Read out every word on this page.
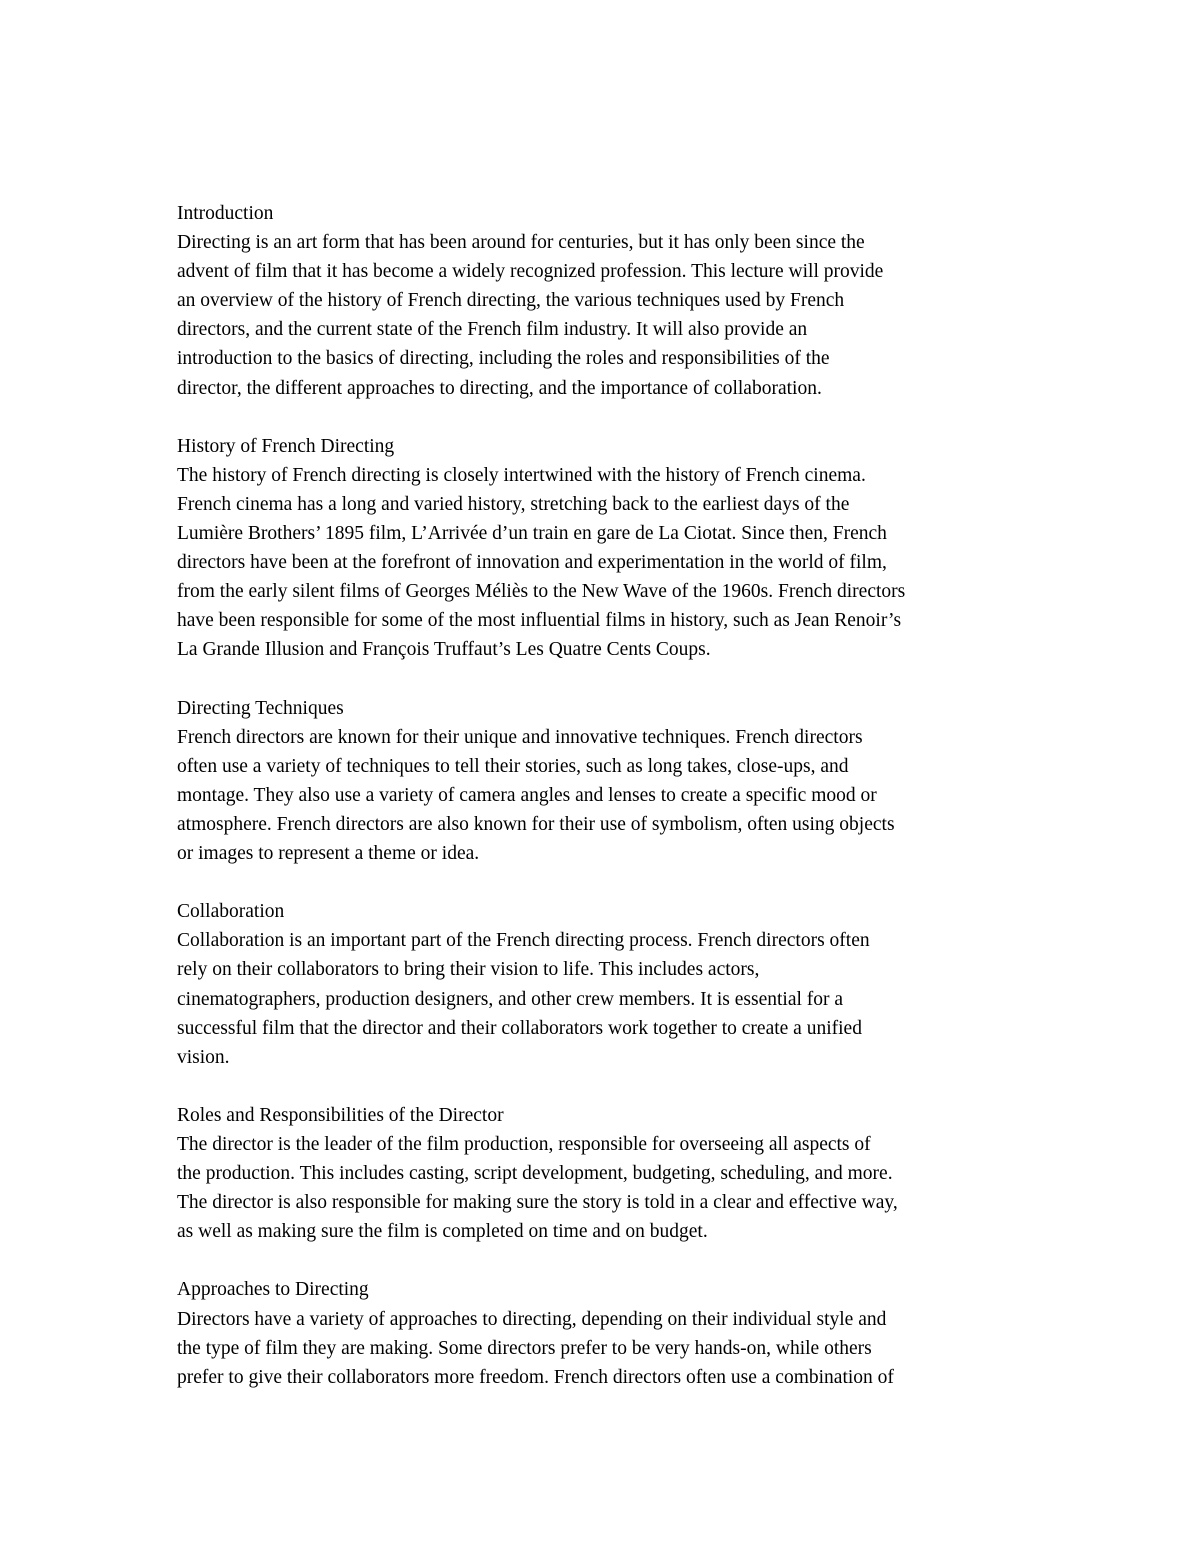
Introduction
Directing is an art form that has been around for centuries, but it has only been since the
advent of film that it has become a widely recognized profession. This lecture will provide
an overview of the history of French directing, the various techniques used by French
directors, and the current state of the French film industry. It will also provide an
introduction to the basics of directing, including the roles and responsibilities of the
director, the different approaches to directing, and the importance of collaboration.
History of French Directing
The history of French directing is closely intertwined with the history of French cinema.
French cinema has a long and varied history, stretching back to the earliest days of the
Lumière Brothers’ 1895 film, L’Arrivée d’un train en gare de La Ciotat. Since then, French
directors have been at the forefront of innovation and experimentation in the world of film,
from the early silent films of Georges Méliès to the New Wave of the 1960s. French directors
have been responsible for some of the most influential films in history, such as Jean Renoir’s
La Grande Illusion and François Truffaut’s Les Quatre Cents Coups.
Directing Techniques
French directors are known for their unique and innovative techniques. French directors
often use a variety of techniques to tell their stories, such as long takes, close-ups, and
montage. They also use a variety of camera angles and lenses to create a specific mood or
atmosphere. French directors are also known for their use of symbolism, often using objects
or images to represent a theme or idea.
Collaboration
Collaboration is an important part of the French directing process. French directors often
rely on their collaborators to bring their vision to life. This includes actors,
cinematographers, production designers, and other crew members. It is essential for a
successful film that the director and their collaborators work together to create a unified
vision.
Roles and Responsibilities of the Director
The director is the leader of the film production, responsible for overseeing all aspects of
the production. This includes casting, script development, budgeting, scheduling, and more.
The director is also responsible for making sure the story is told in a clear and effective way,
as well as making sure the film is completed on time and on budget.
Approaches to Directing
Directors have a variety of approaches to directing, depending on their individual style and
the type of film they are making. Some directors prefer to be very hands-on, while others
prefer to give their collaborators more freedom. French directors often use a combination of
